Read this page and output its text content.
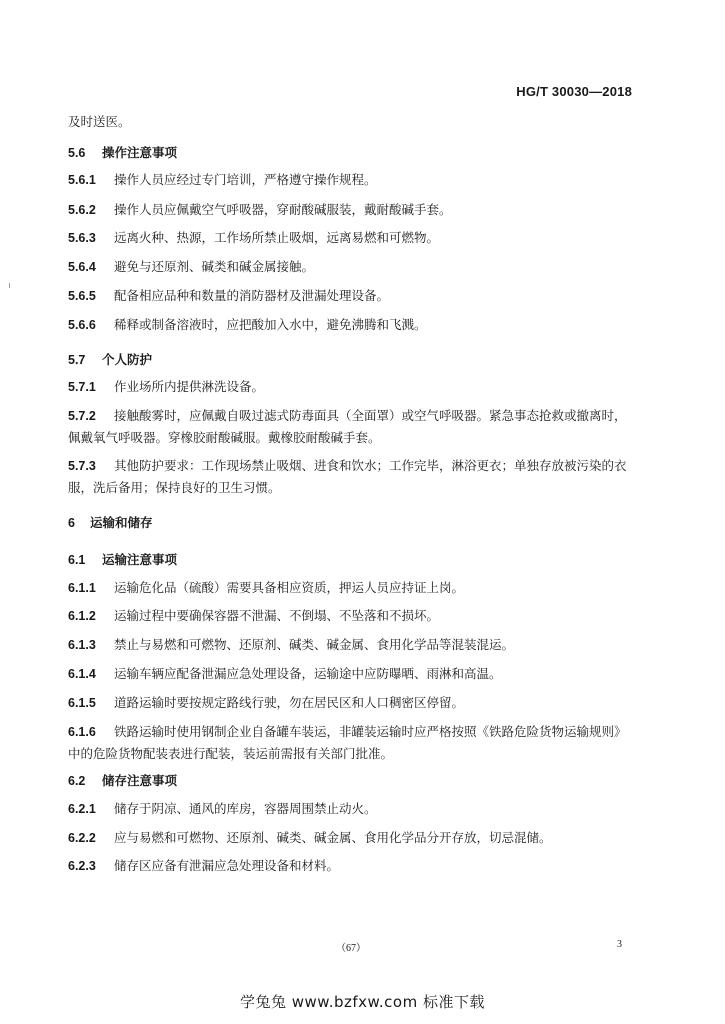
HG/T 30030—2018
及时送医。
5.6 操作注意事项
5.6.1 操作人员应经过专门培训，严格遵守操作规程。
5.6.2 操作人员应佩戴空气呼吸器，穿耐酸碱服装，戴耐酸碱手套。
5.6.3 远离火种、热源，工作场所禁止吸烟，远离易燃和可燃物。
5.6.4 避免与还原剂、碱类和碱金属接触。
5.6.5 配备相应品种和数量的消防器材及泄漏处理设备。
5.6.6 稀释或制备溶液时，应把酸加入水中，避免沸腾和飞溅。
5.7 个人防护
5.7.1 作业场所内提供淋洗设备。
5.7.2 接触酸雾时，应佩戴自吸过滤式防毒面具（全面罩）或空气呼吸器。紧急事态抢救或撤离时，佩戴氧气呼吸器。穿橡胶耐酸碱服。戴橡胶耐酸碱手套。
5.7.3 其他防护要求：工作现场禁止吸烟、进食和饮水；工作完毕，淋浴更衣；单独存放被污染的衣服，洗后备用；保持良好的卫生习惯。
6 运输和储存
6.1 运输注意事项
6.1.1 运输危化品（硫酸）需要具备相应资质，押运人员应持证上岗。
6.1.2 运输过程中要确保容器不泄漏、不倒塌、不坠落和不损坏。
6.1.3 禁止与易燃和可燃物、还原剂、碱类、碱金属、食用化学品等混装混运。
6.1.4 运输车辆应配备泄漏应急处理设备，运输途中应防曝晒、雨淋和高温。
6.1.5 道路运输时要按规定路线行驶，勿在居民区和人口稠密区停留。
6.1.6 铁路运输时使用钢制企业自备罐车装运，非罐装运输时应严格按照《铁路危险货物运输规则》中的危险货物配装表进行配装，装运前需报有关部门批准。
6.2 储存注意事项
6.2.1 储存于阴凉、通风的库房，容器周围禁止动火。
6.2.2 应与易燃和可燃物、还原剂、碱类、碱金属、食用化学品分开存放，切忌混储。
6.2.3 储存区应备有泄漏应急处理设备和材料。
（67）	3
学兔兔 www.bzfxw.com 标准下载
